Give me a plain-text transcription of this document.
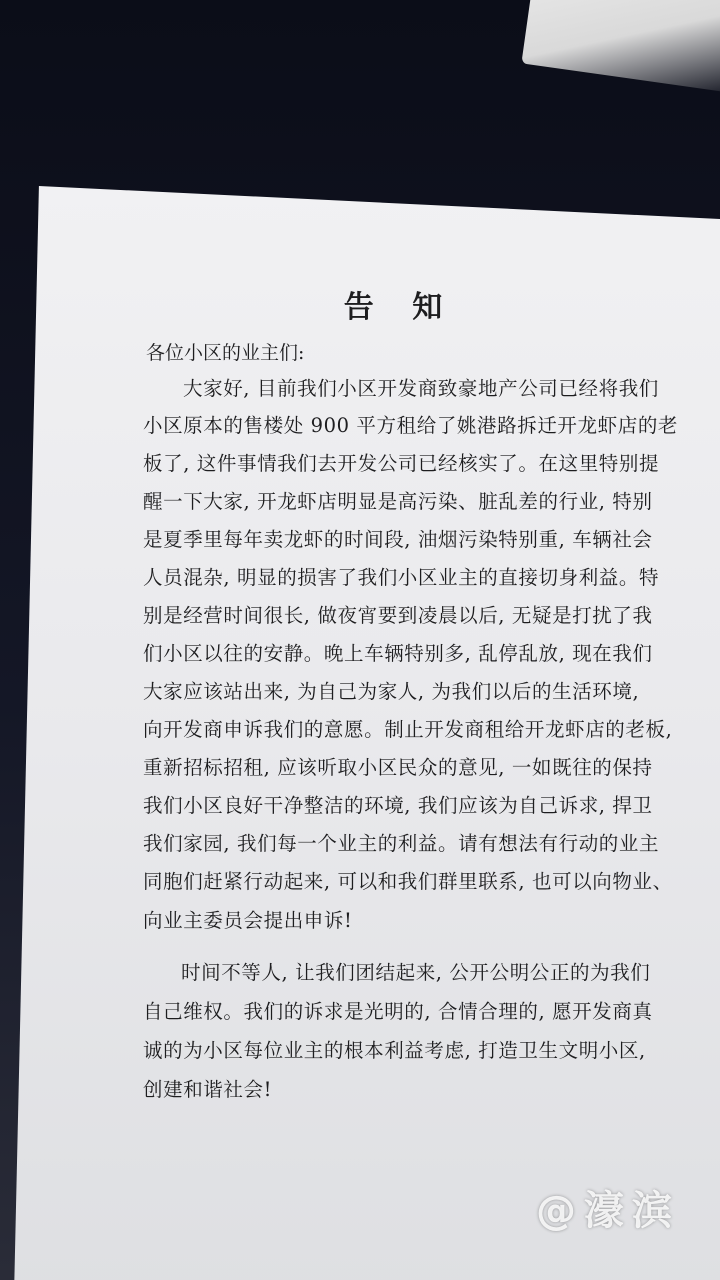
告 知
各位小区的业主们:
大家好, 目前我们小区开发商致豪地产公司已经将我们
小区原本的售楼处 900 平方租给了姚港路拆迁开龙虾店的老
板了, 这件事情我们去开发公司已经核实了。在这里特别提
醒一下大家, 开龙虾店明显是高污染、脏乱差的行业, 特别
是夏季里每年卖龙虾的时间段, 油烟污染特别重, 车辆社会
人员混杂, 明显的损害了我们小区业主的直接切身利益。特
别是经营时间很长, 做夜宵要到凌晨以后, 无疑是打扰了我
们小区以往的安静。晚上车辆特别多, 乱停乱放, 现在我们
大家应该站出来, 为自己为家人, 为我们以后的生活环境,
向开发商申诉我们的意愿。制止开发商租给开龙虾店的老板,
重新招标招租, 应该听取小区民众的意见, 一如既往的保持
我们小区良好干净整洁的环境, 我们应该为自己诉求, 捍卫
我们家园, 我们每一个业主的利益。请有想法有行动的业主
同胞们赶紧行动起来, 可以和我们群里联系, 也可以向物业、
向业主委员会提出申诉!
时间不等人, 让我们团结起来, 公开公明公正的为我们
自己维权。我们的诉求是光明的, 合情合理的, 愿开发商真
诚的为小区每位业主的根本利益考虑, 打造卫生文明小区,
创建和谐社会!
@濠滨
